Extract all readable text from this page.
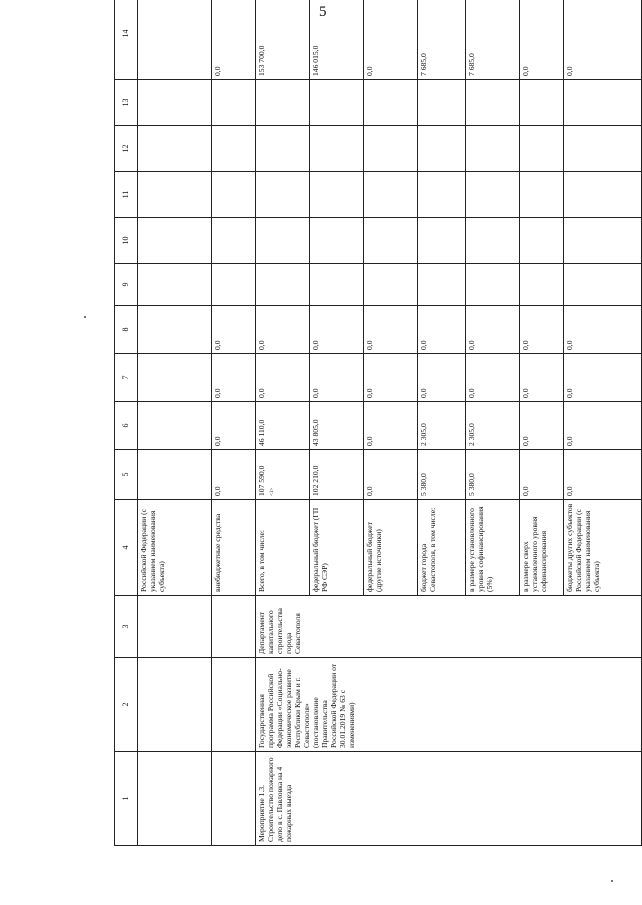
5
1	2	3	4	5	6	7	8	9	10	11	12	13	14
			Российской Федерации (с указанием наименования субъекта)										
			внебюджетные средства	0,0	0,0	0,0	0,0						0,0
Мероприятие 1.3. Строительство пожарного депо в с. Павловка на 4 пожарных выезда	Государственная программа Российской Федерации «Социально-экономическое развитие Республики Крым и г. Севастополя» (постановление Правительства Российской Федерации от 30.01.2019 № 63 с изменениями)	Департамент капитального строительства города Севастополя	Всего, в том числе:	107 590,0 <1>	46 110,0	0,0	0,0						153 700,0
			федеральный бюджет (ГП РФ СЭР)	102 210,0	43 805,0	0,0	0,0						146 015,0
			федеральный бюджет (другие источники)	0,0	0,0	0,0	0,0						0,0
			бюджет города Севастополя, в том числе:	5 380,0	2 305,0	0,0	0,0						7 685,0
			в размере установленного уровня софинансирования (5%)	5 380,0	2 305,0	0,0	0,0						7 685,0
			в размере сверх установленного уровня софинансирования	0,0	0,0	0,0	0,0						0,0
			бюджеты других субъектов Российской Федерации (с указанием наименования субъекта)	0,0	0,0	0,0	0,0						0,0
